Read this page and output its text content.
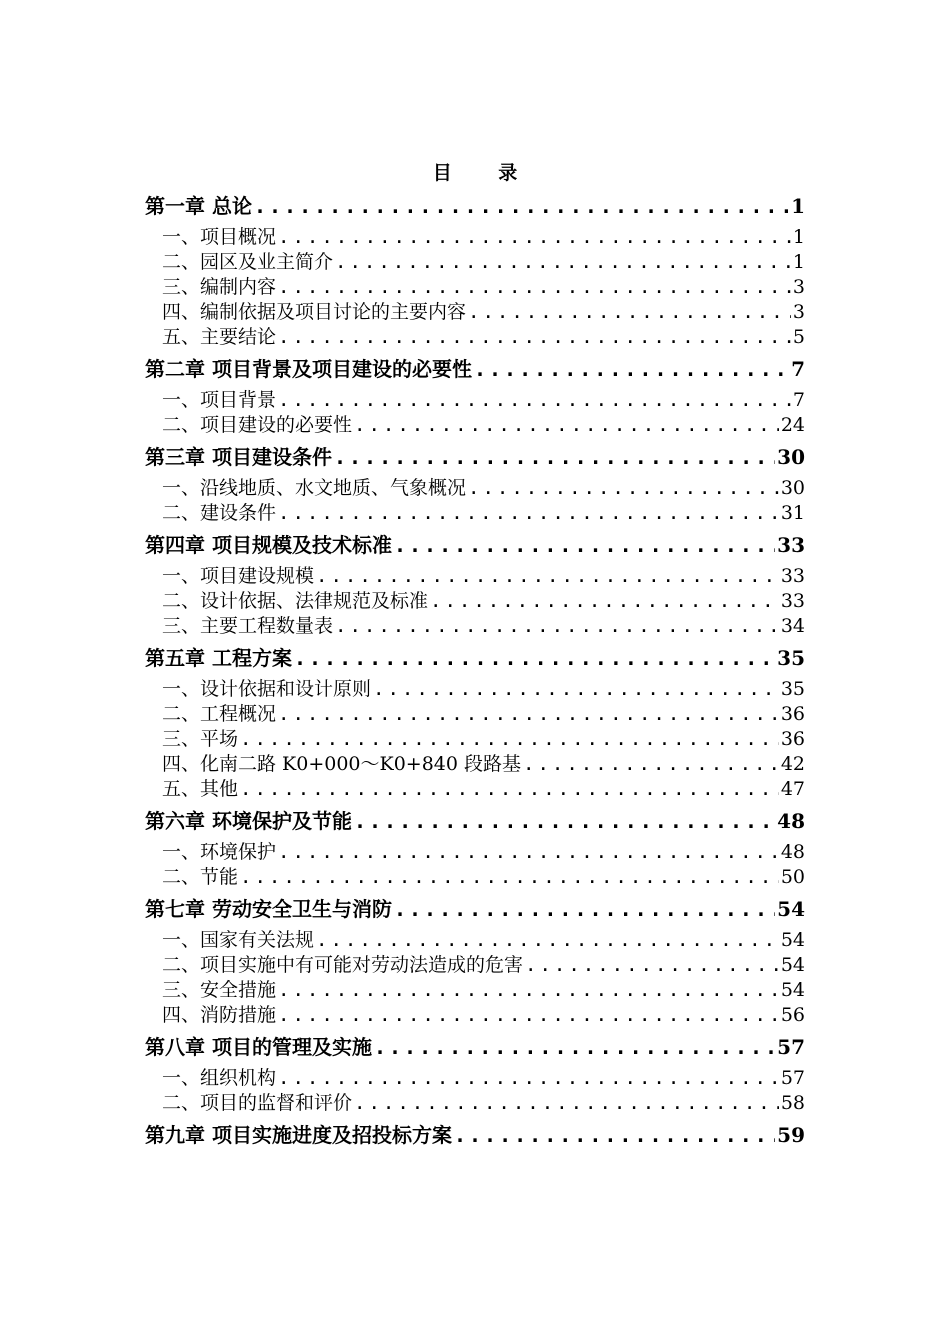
目 录
第一章 总论 .....	1
一、项目概况 .....	1
二、园区及业主简介 .....	1
三、编制内容 .....	3
四、编制依据及项目讨论的主要内容 .....	3
五、主要结论 .....	5
第二章 项目背景及项目建设的必要性 .....	7
一、项目背景 .....	7
二、项目建设的必要性 .....	24
第三章 项目建设条件 .....	30
一、沿线地质、水文地质、气象概况 .....	30
二、建设条件 .....	31
第四章 项目规模及技术标准 .....	33
一、项目建设规模 .....	33
二、设计依据、法律规范及标准 .....	33
三、主要工程数量表 .....	34
第五章 工程方案 .....	35
一、设计依据和设计原则 .....	35
二、工程概况 .....	36
三、平场 .....	36
四、化南二路 K0+000～K0+840 段路基 .....	42
五、其他 .....	47
第六章 环境保护及节能 .....	48
一、环境保护 .....	48
二、节能 .....	50
第七章 劳动安全卫生与消防 .....	54
一、国家有关法规 .....	54
二、项目实施中有可能对劳动法造成的危害 .....	54
三、安全措施 .....	54
四、消防措施 .....	56
第八章 项目的管理及实施 .....	57
一、组织机构 .....	57
二、项目的监督和评价 .....	58
第九章 项目实施进度及招投标方案 .....	59
